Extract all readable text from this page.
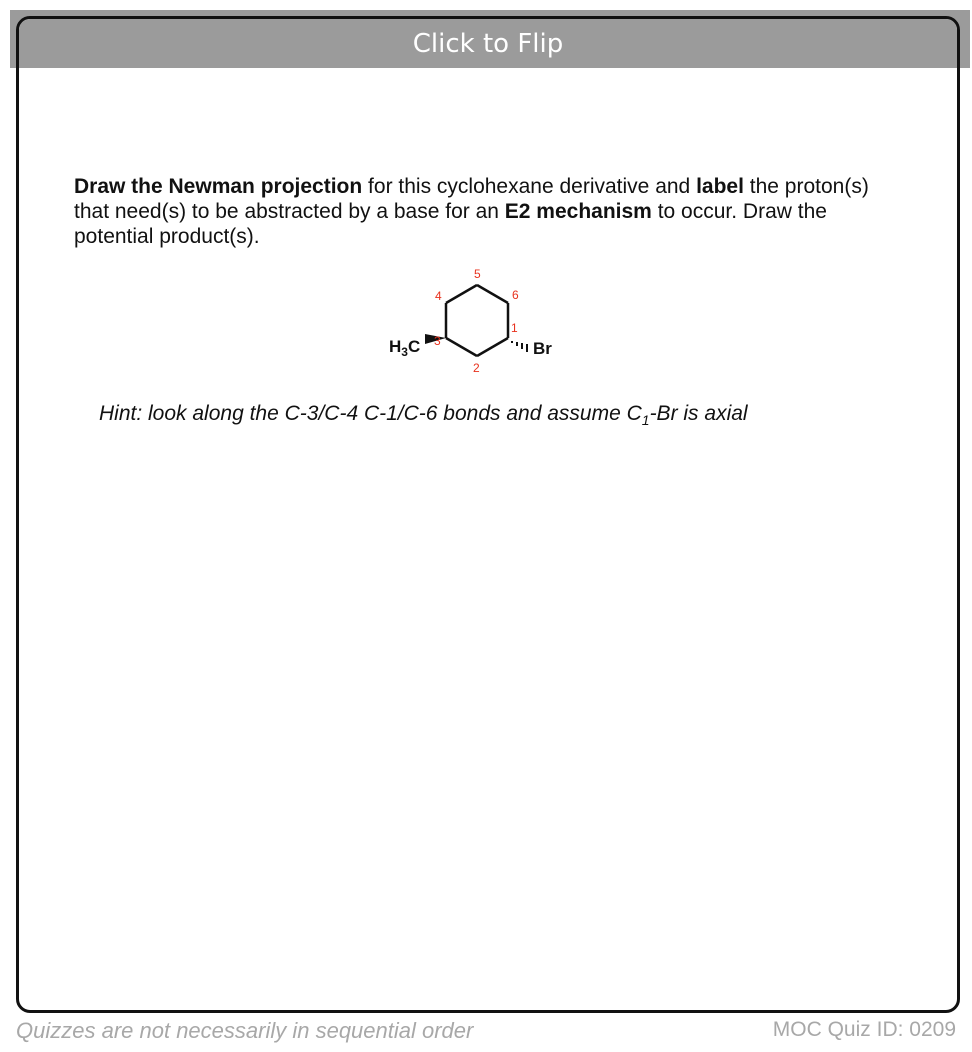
Click to Flip
Draw the Newman projection for this cyclohexane derivative and label the proton(s) that need(s) to be abstracted by a base for an E2 mechanism to occur. Draw the potential product(s).
$H_3C$	Br
1
2
3
4
5
6
Hint: look along the C-3/C-4 C-1/C-6 bonds and assume $C_1-Br$ is axial
Quizzes are not necessarily in sequential order	MOC Quiz ID: 0209
